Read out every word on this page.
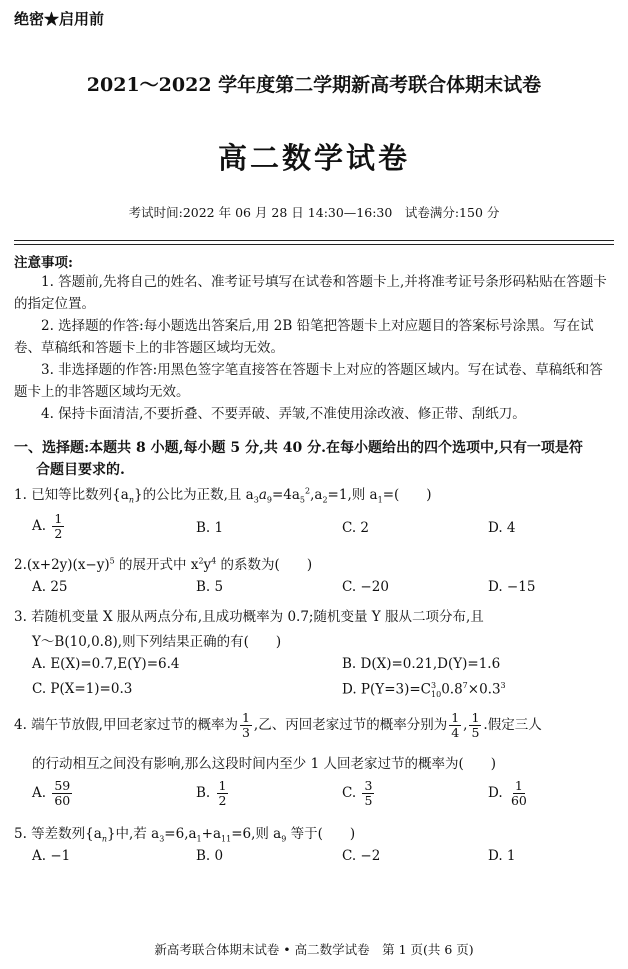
绝密★启用前
2021～2022 学年度第二学期新高考联合体期末试卷
高二数学试卷
考试时间:2022 年 06 月 28 日 14:30—16:30　试卷满分:150 分
注意事项:
1. 答题前,先将自己的姓名、准考证号填写在试卷和答题卡上,并将准考证号条形码粘贴在答题卡的指定位置。
2. 选择题的作答:每小题选出答案后,用 2B 铅笔把答题卡上对应题目的答案标号涂黑。写在试卷、草稿纸和答题卡上的非答题区域均无效。
3. 非选择题的作答:用黑色签字笔直接答在答题卡上对应的答题区域内。写在试卷、草稿纸和答题卡上的非答题区域均无效。
4. 保持卡面清洁,不要折叠、不要弄破、弄皱,不准使用涂改液、修正带、刮纸刀。
一、选择题:本题共 8 小题,每小题 5 分,共 40 分.在每小题给出的四个选项中,只有一项是符
合题目要求的.
1. 已知等比数列$\{a_n\}$的公比为正数,且 $a_3a_9=4a_5^2,a_2=1$,则 $a_1=$(　　)
A. $\frac{1}{2}$	B. 1	C. 2	D. 4
$2.(x+2y)(x-y)^5$ 的展开式中 $x^2y^4$ 的系数为(　　)
A. 25	B. 5	C. −20	D. −15
3. 若随机变量 X 服从两点分布,且成功概率为 0.7;随机变量 Y 服从二项分布,且
Y～B(10,0.8),则下列结果正确的有(　　)
A. E(X)=0.7,E(Y)=6.4	B. D(X)=0.21,D(Y)=1.6
C. P(X=1)=0.3	D. P(Y=3)=C 3
10 $0.8^7\times 0.3^3$
4. 端午节放假,甲回老家过节的概率为 $\frac{1}{3}$ ,乙、丙回老家过节的概率分别为 $\frac{1}{4}$ , $\frac{1}{5}$ .假定三人
的行动相互之间没有影响,那么这段时间内至少 1 人回老家过节的概率为(　　)
A. $\frac{59}{60}$	B. $\frac{1}{2}$	C. $\frac{3}{5}$	D. $\frac{1}{60}$
5. 等差数列$\{a_n\}$中,若 $a_3=6,a_1+a_{11}=6$,则 $a_9$ 等于(　　)
A. −1	B. 0	C. −2	D. 1
新高考联合体期末试卷 • 高二数学试卷　第 1 页(共 6 页)
